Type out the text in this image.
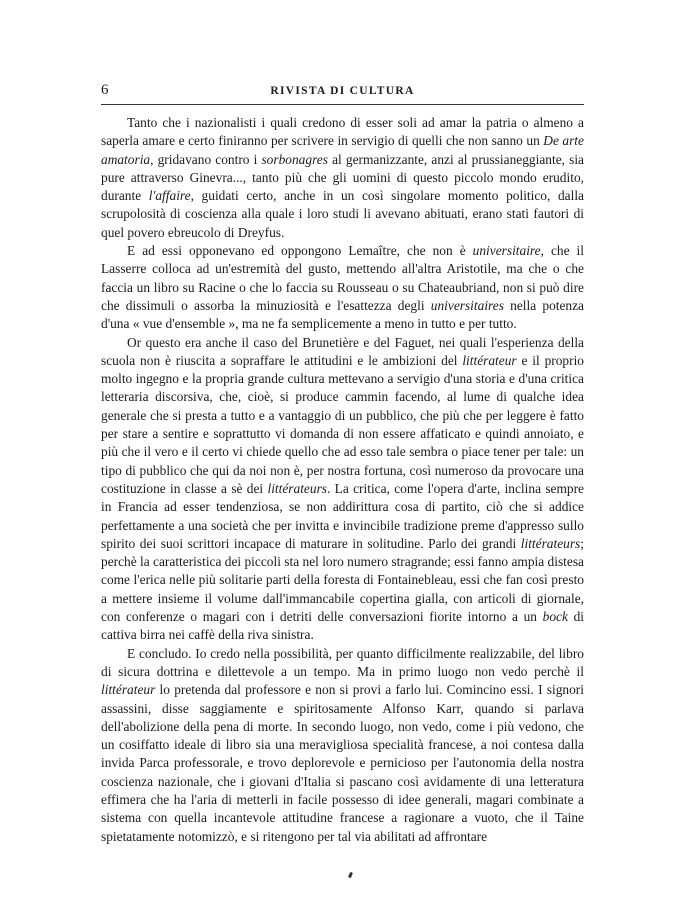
6	RIVISTA DI CULTURA

Tanto che i nazionalisti i quali credono di esser soli ad amar la patria o almeno a saperla amare e certo finiranno per scrivere in servigio di quelli che non sanno un De arte amatoria, gridavano contro i sorbonagres al germanizzante, anzi al prussianeggiante, sia pure attraverso Ginevra..., tanto più che gli uomini di questo piccolo mondo erudito, durante l'affaire, guidati certo, anche in un così singolare momento politico, dalla scrupolosità di coscienza alla quale i loro studi li avevano abituati, erano stati fautori di quel povero ebreucolo di Dreyfus.

E ad essi opponevano ed oppongono Lemaître, che non è universitaire, che il Lasserre colloca ad un'estremità del gusto, mettendo all'altra Aristotile, ma che o che faccia un libro su Racine o che lo faccia su Rousseau o su Chateaubriand, non si può dire che dissimuli o assorba la minuziosità e l'esattezza degli universitaires nella potenza d'una « vue d'ensemble », ma ne fa semplicemente a meno in tutto e per tutto.

Or questo era anche il caso del Brunetière e del Faguet, nei quali l'esperienza della scuola non è riuscita a sopraffare le attitudini e le ambizioni del littérateur e il proprio molto ingegno e la propria grande cultura mettevano a servigio d'una storia e d'una critica letteraria discorsiva, che, cioè, si produce cammin facendo, al lume di qualche idea generale che si presta a tutto e a vantaggio di un pubblico, che più che per leggere è fatto per stare a sentire e soprattutto vi domanda di non essere affaticato e quindi annoiato, e più che il vero e il certo vi chiede quello che ad esso tale sembra o piace tener per tale: un tipo di pubblico che qui da noi non è, per nostra fortuna, così numeroso da provocare una costituzione in classe a sè dei littérateurs. La critica, come l'opera d'arte, inclina sempre in Francia ad esser tendenziosa, se non addirittura cosa di partito, ciò che si addice perfettamente a una società che per invitta e invincibile tradizione preme d'appresso sullo spirito dei suoi scrittori incapace di maturare in solitudine. Parlo dei grandi littérateurs; perchè la caratteristica dei piccoli sta nel loro numero stragrande; essi fanno ampia distesa come l'erica nelle più solitarie parti della foresta di Fontainebleau, essi che fan così presto a mettere insieme il volume dall'immancabile copertina gialla, con articoli di giornale, con conferenze o magari con i detriti delle conversazioni fiorite intorno a un bock di cattiva birra nei caffè della riva sinistra.

E concludo. Io credo nella possibilità, per quanto difficilmente realizzabile, del libro di sicura dottrina e dilettevole a un tempo. Ma in primo luogo non vedo perchè il littérateur lo pretenda dal professore e non si provi a farlo lui. Comincino essi. I signori assassini, disse saggiamente e spiritosamente Alfonso Karr, quando si parlava dell'abolizione della pena di morte. In secondo luogo, non vedo, come i più vedono, che un cosiffatto ideale di libro sia una meravigliosa specialità francese, a noi contesa dalla invida Parca professorale, e trovo deplorevole e pernicioso per l'autonomia della nostra coscienza nazionale, che i giovani d'Italia si pascano così avidamente di una letteratura effimera che ha l'aria di metterli in facile possesso di idee generali, magari combinate a sistema con quella incantevole attitudine francese a ragionare a vuoto, che il Taine spietatamente notomizzò, e si ritengono per tal via abilitati ad affrontare
